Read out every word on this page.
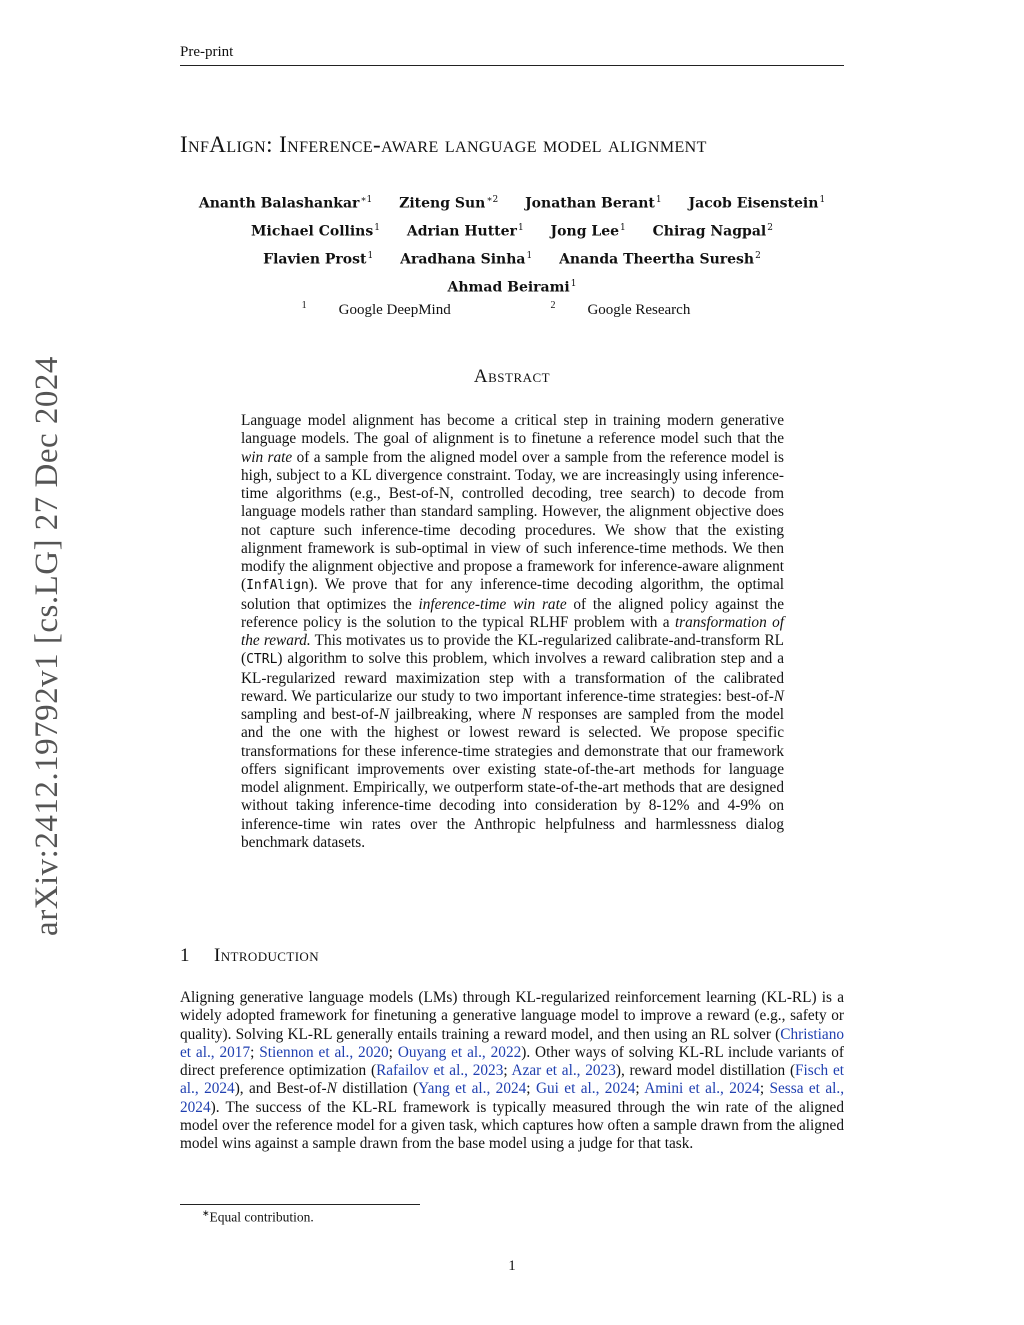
Pre-print
arXiv:2412.19792v1 [cs.LG] 27 Dec 2024
InfAlign: Inference-aware language model alignment
Ananth Balashankar$^{∗1}$ Ziteng Sun$^{∗2}$ Jonathan Berant$^1$ Jacob Eisenstein$^1$
Michael Collins$^1$ Adrian Hutter$^1$ Jong Lee$^1$ Chirag Nagpal$^2$
Flavien Prost$^1$ Aradhana Sinha$^1$ Ananda Theertha Suresh$^2$
Ahmad Beirami$^1$
$^1$ Google DeepMind	$^2$ Google Research
Abstract
Language model alignment has become a critical step in training modern generative language models. The goal of alignment is to finetune a reference model such that the win rate of a sample from the aligned model over a sample from the reference model is high, subject to a KL divergence constraint. Today, we are increasingly using inference-time algorithms (e.g., Best-of-N, controlled decoding, tree search) to decode from language models rather than standard sampling. However, the alignment objective does not capture such inference-time decoding procedures. We show that the existing alignment framework is sub-optimal in view of such inference-time methods. We then modify the alignment objective and propose a framework for inference-aware alignment (InfAlign). We prove that for any inference-time decoding algorithm, the optimal solution that optimizes the inference-time win rate of the aligned policy against the reference policy is the solution to the typical RLHF problem with a transformation of the reward. This motivates us to provide the KL-regularized calibrate-and-transform RL (CTRL) algorithm to solve this problem, which involves a reward calibration step and a KL-regularized reward maximization step with a transformation of the calibrated reward. We particularize our study to two important inference-time strategies: best-of-N sampling and best-of-N jailbreaking, where N responses are sampled from the model and the one with the highest or lowest reward is selected. We propose specific transformations for these inference-time strategies and demonstrate that our framework offers significant improvements over existing state-of-the-art methods for language model alignment. Empirically, we outperform state-of-the-art methods that are designed without taking inference-time decoding into consideration by 8-12% and 4-9% on inference-time win rates over the Anthropic helpfulness and harmlessness dialog benchmark datasets.
1 Introduction
Aligning generative language models (LMs) through KL-regularized reinforcement learning (KL-RL) is a widely adopted framework for finetuning a generative language model to improve a reward (e.g., safety or quality). Solving KL-RL generally entails training a reward model, and then using an RL solver (Christiano et al., 2017; Stiennon et al., 2020; Ouyang et al., 2022). Other ways of solving KL-RL include variants of direct preference optimization (Rafailov et al., 2023; Azar et al., 2023), reward model distillation (Fisch et al., 2024), and Best-of-N distillation (Yang et al., 2024; Gui et al., 2024; Amini et al., 2024; Sessa et al., 2024). The success of the KL-RL framework is typically measured through the win rate of the aligned model over the reference model for a given task, which captures how often a sample drawn from the aligned model wins against a sample drawn from the base model using a judge for that task.
∗Equal contribution.
1
